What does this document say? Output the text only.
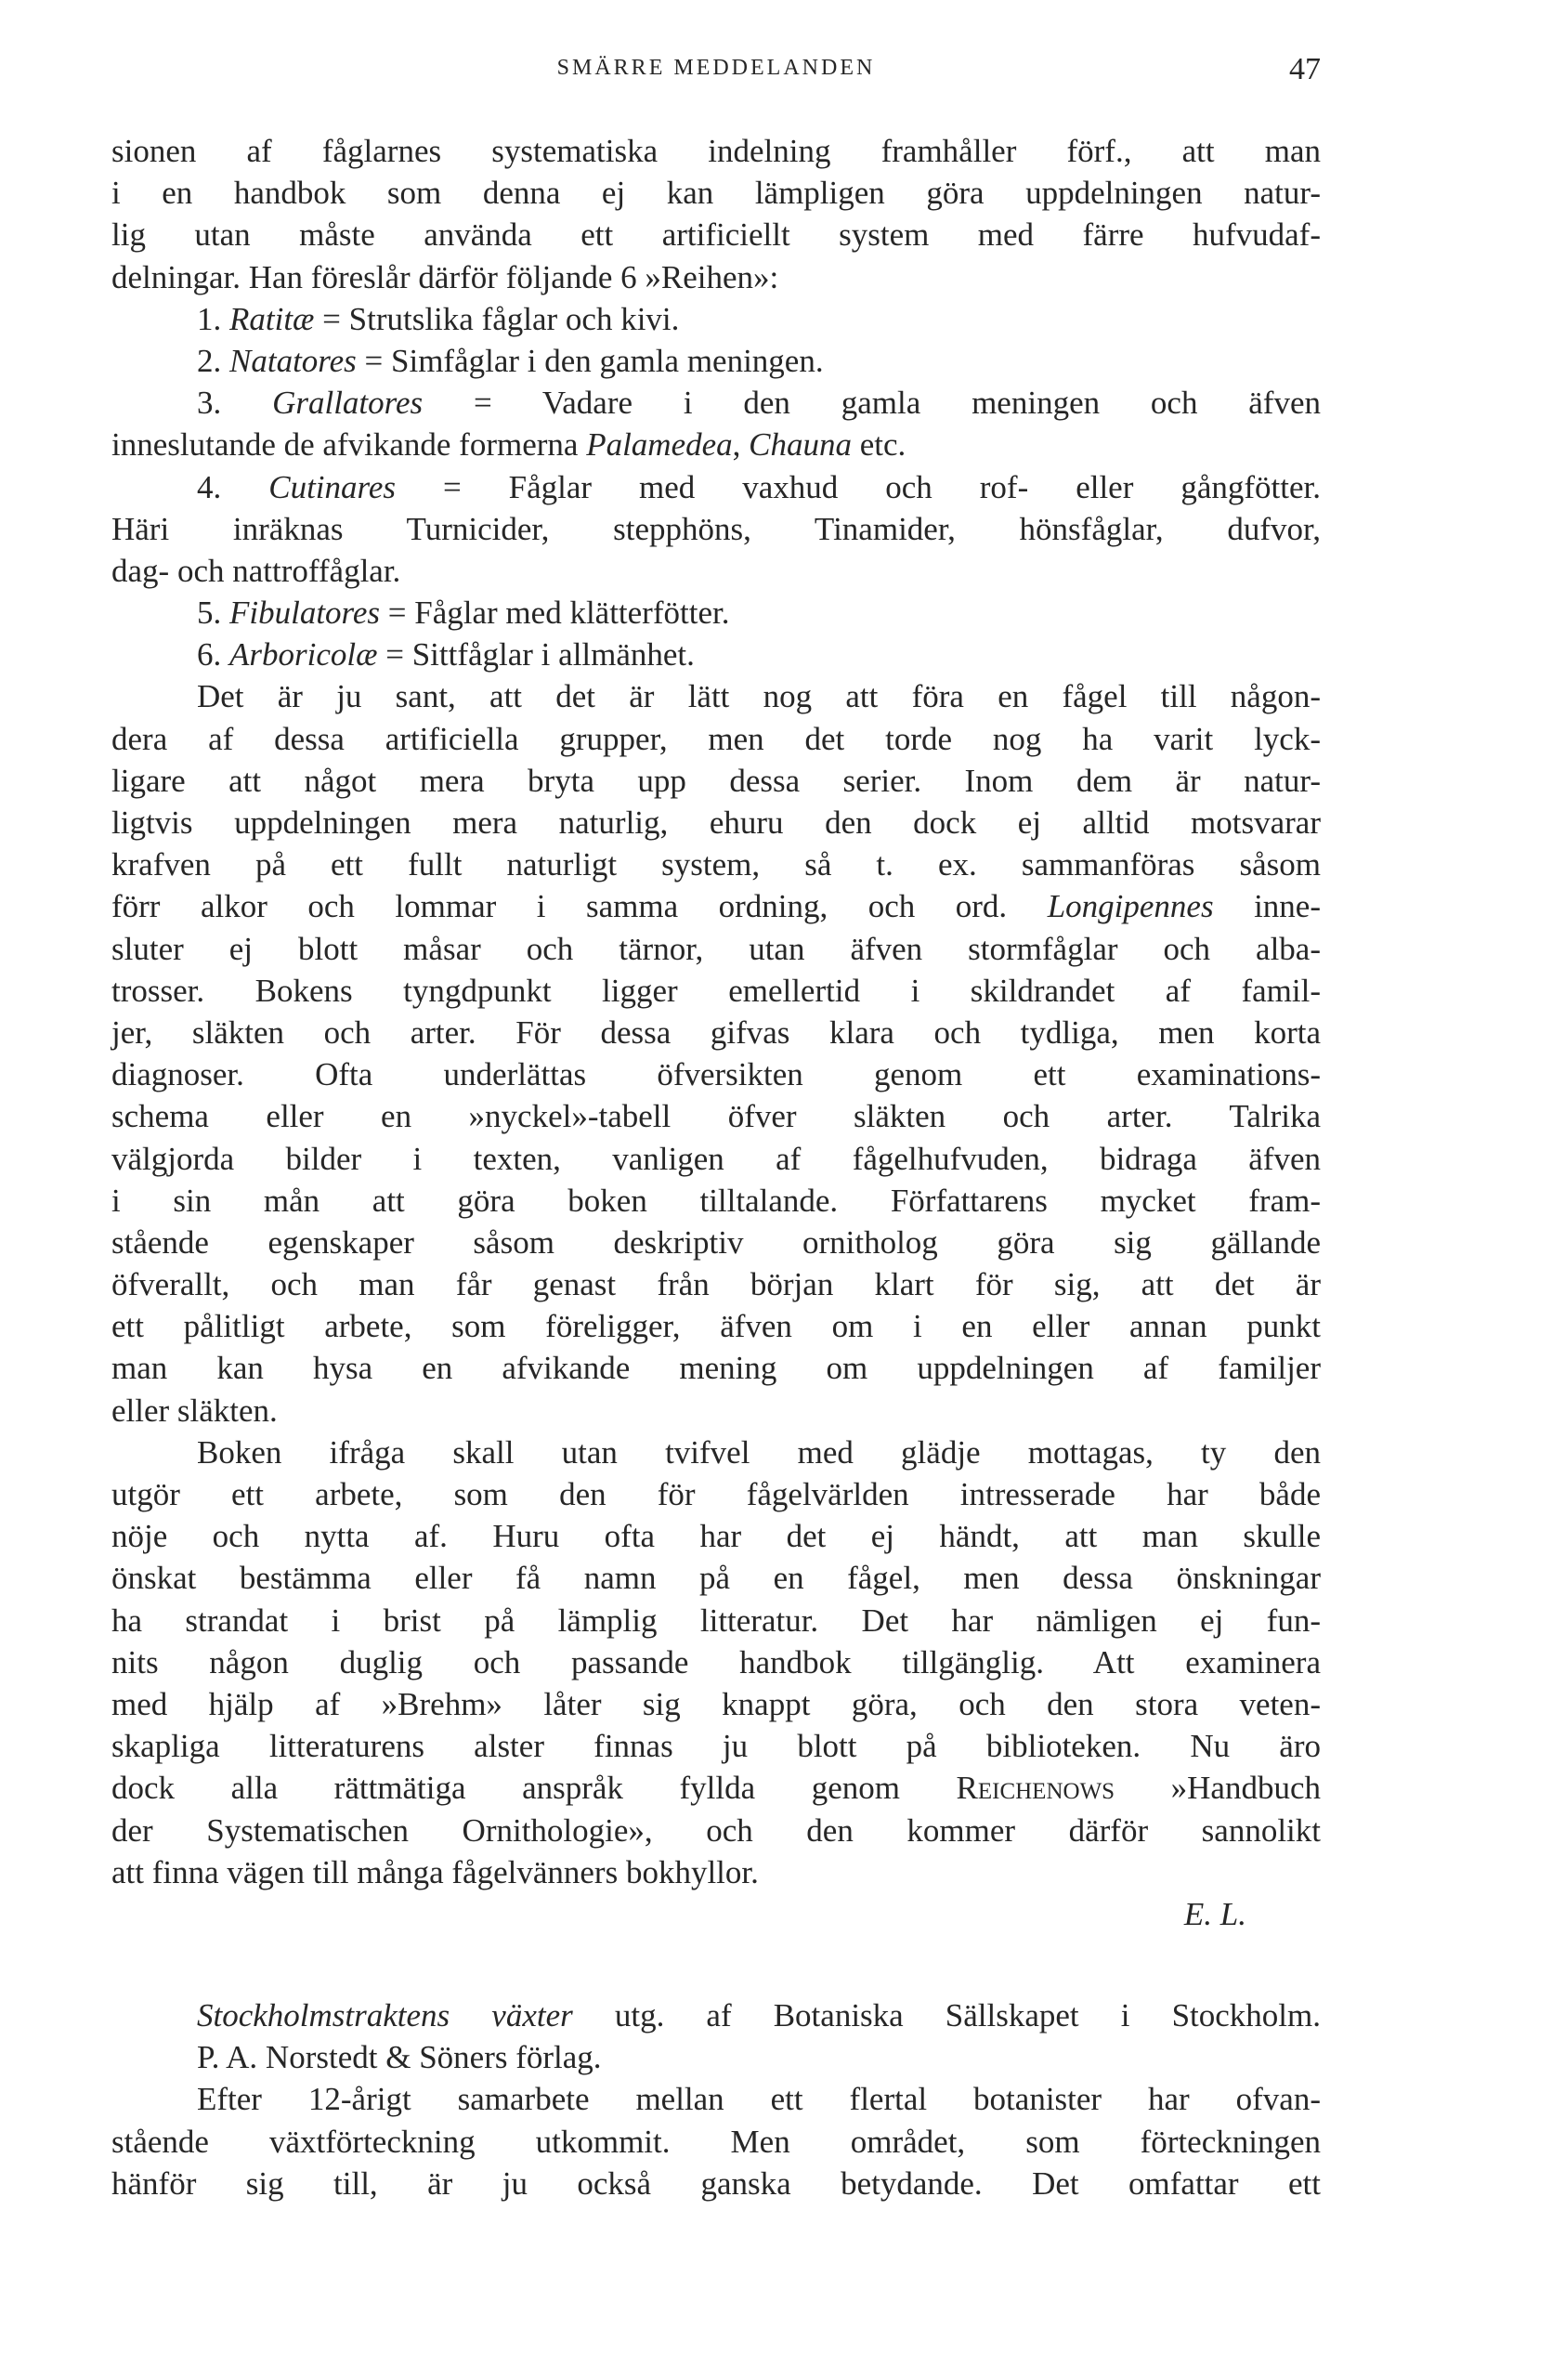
SMÄRRE MEDDELANDEN	47
sionen af fåglarnes systematiska indelning framhåller förf., att man
i en handbok som denna ej kan lämpligen göra uppdelningen natur-
lig utan måste använda ett artificiellt system med färre hufvudaf-
delningar. Han föreslår därför följande 6 »Reihen»:
1. Ratitæ = Strutslika fåglar och kivi.
2. Natatores = Simfåglar i den gamla meningen.
3. Grallatores = Vadare i den gamla meningen och äfven
inneslutande de afvikande formerna Palamedea, Chauna etc.
4. Cutinares = Fåglar med vaxhud och rof- eller gångfötter.
Häri inräknas Turnicider, stepphöns, Tinamider, hönsfåglar, dufvor,
dag- och nattroffåglar.
5. Fibulatores = Fåglar med klätterfötter.
6. Arboricolæ = Sittfåglar i allmänhet.
Det är ju sant, att det är lätt nog att föra en fågel till någon-
dera af dessa artificiella grupper, men det torde nog ha varit lyck-
ligare att något mera bryta upp dessa serier. Inom dem är natur-
ligtvis uppdelningen mera naturlig, ehuru den dock ej alltid motsvarar
krafven på ett fullt naturligt system, så t. ex. sammanföras såsom
förr alkor och lommar i samma ordning, och ord. Longipennes inne-
sluter ej blott måsar och tärnor, utan äfven stormfåglar och alba-
trosser. Bokens tyngdpunkt ligger emellertid i skildrandet af famil-
jer, släkten och arter. För dessa gifvas klara och tydliga, men korta
diagnoser. Ofta underlättas öfversikten genom ett examinations-
schema eller en »nyckel»-tabell öfver släkten och arter. Talrika
välgjorda bilder i texten, vanligen af fågelhufvuden, bidraga äfven
i sin mån att göra boken tilltalande. Författarens mycket fram-
stående egenskaper såsom deskriptiv ornitholog göra sig gällande
öfverallt, och man får genast från början klart för sig, att det är
ett pålitligt arbete, som föreligger, äfven om i en eller annan punkt
man kan hysa en afvikande mening om uppdelningen af familjer
eller släkten.
Boken ifråga skall utan tvifvel med glädje mottagas, ty den
utgör ett arbete, som den för fågelvärlden intresserade har både
nöje och nytta af. Huru ofta har det ej händt, att man skulle
önskat bestämma eller få namn på en fågel, men dessa önskningar
ha strandat i brist på lämplig litteratur. Det har nämligen ej fun-
nits någon duglig och passande handbok tillgänglig. Att examinera
med hjälp af »Brehm» låter sig knappt göra, och den stora veten-
skapliga litteraturens alster finnas ju blott på biblioteken. Nu äro
dock alla rättmätiga anspråk fyllda genom Reichenows »Handbuch
der Systematischen Ornithologie», och den kommer därför sannolikt
att finna vägen till många fågelvänners bokhyllor.
E. L.
Stockholmstraktens växter utg. af Botaniska Sällskapet i Stockholm.
P. A. Norstedt & Söners förlag.
Efter 12-årigt samarbete mellan ett flertal botanister har ofvan-
stående växtförteckning utkommit. Men området, som förteckningen
hänför sig till, är ju också ganska betydande. Det omfattar ett
